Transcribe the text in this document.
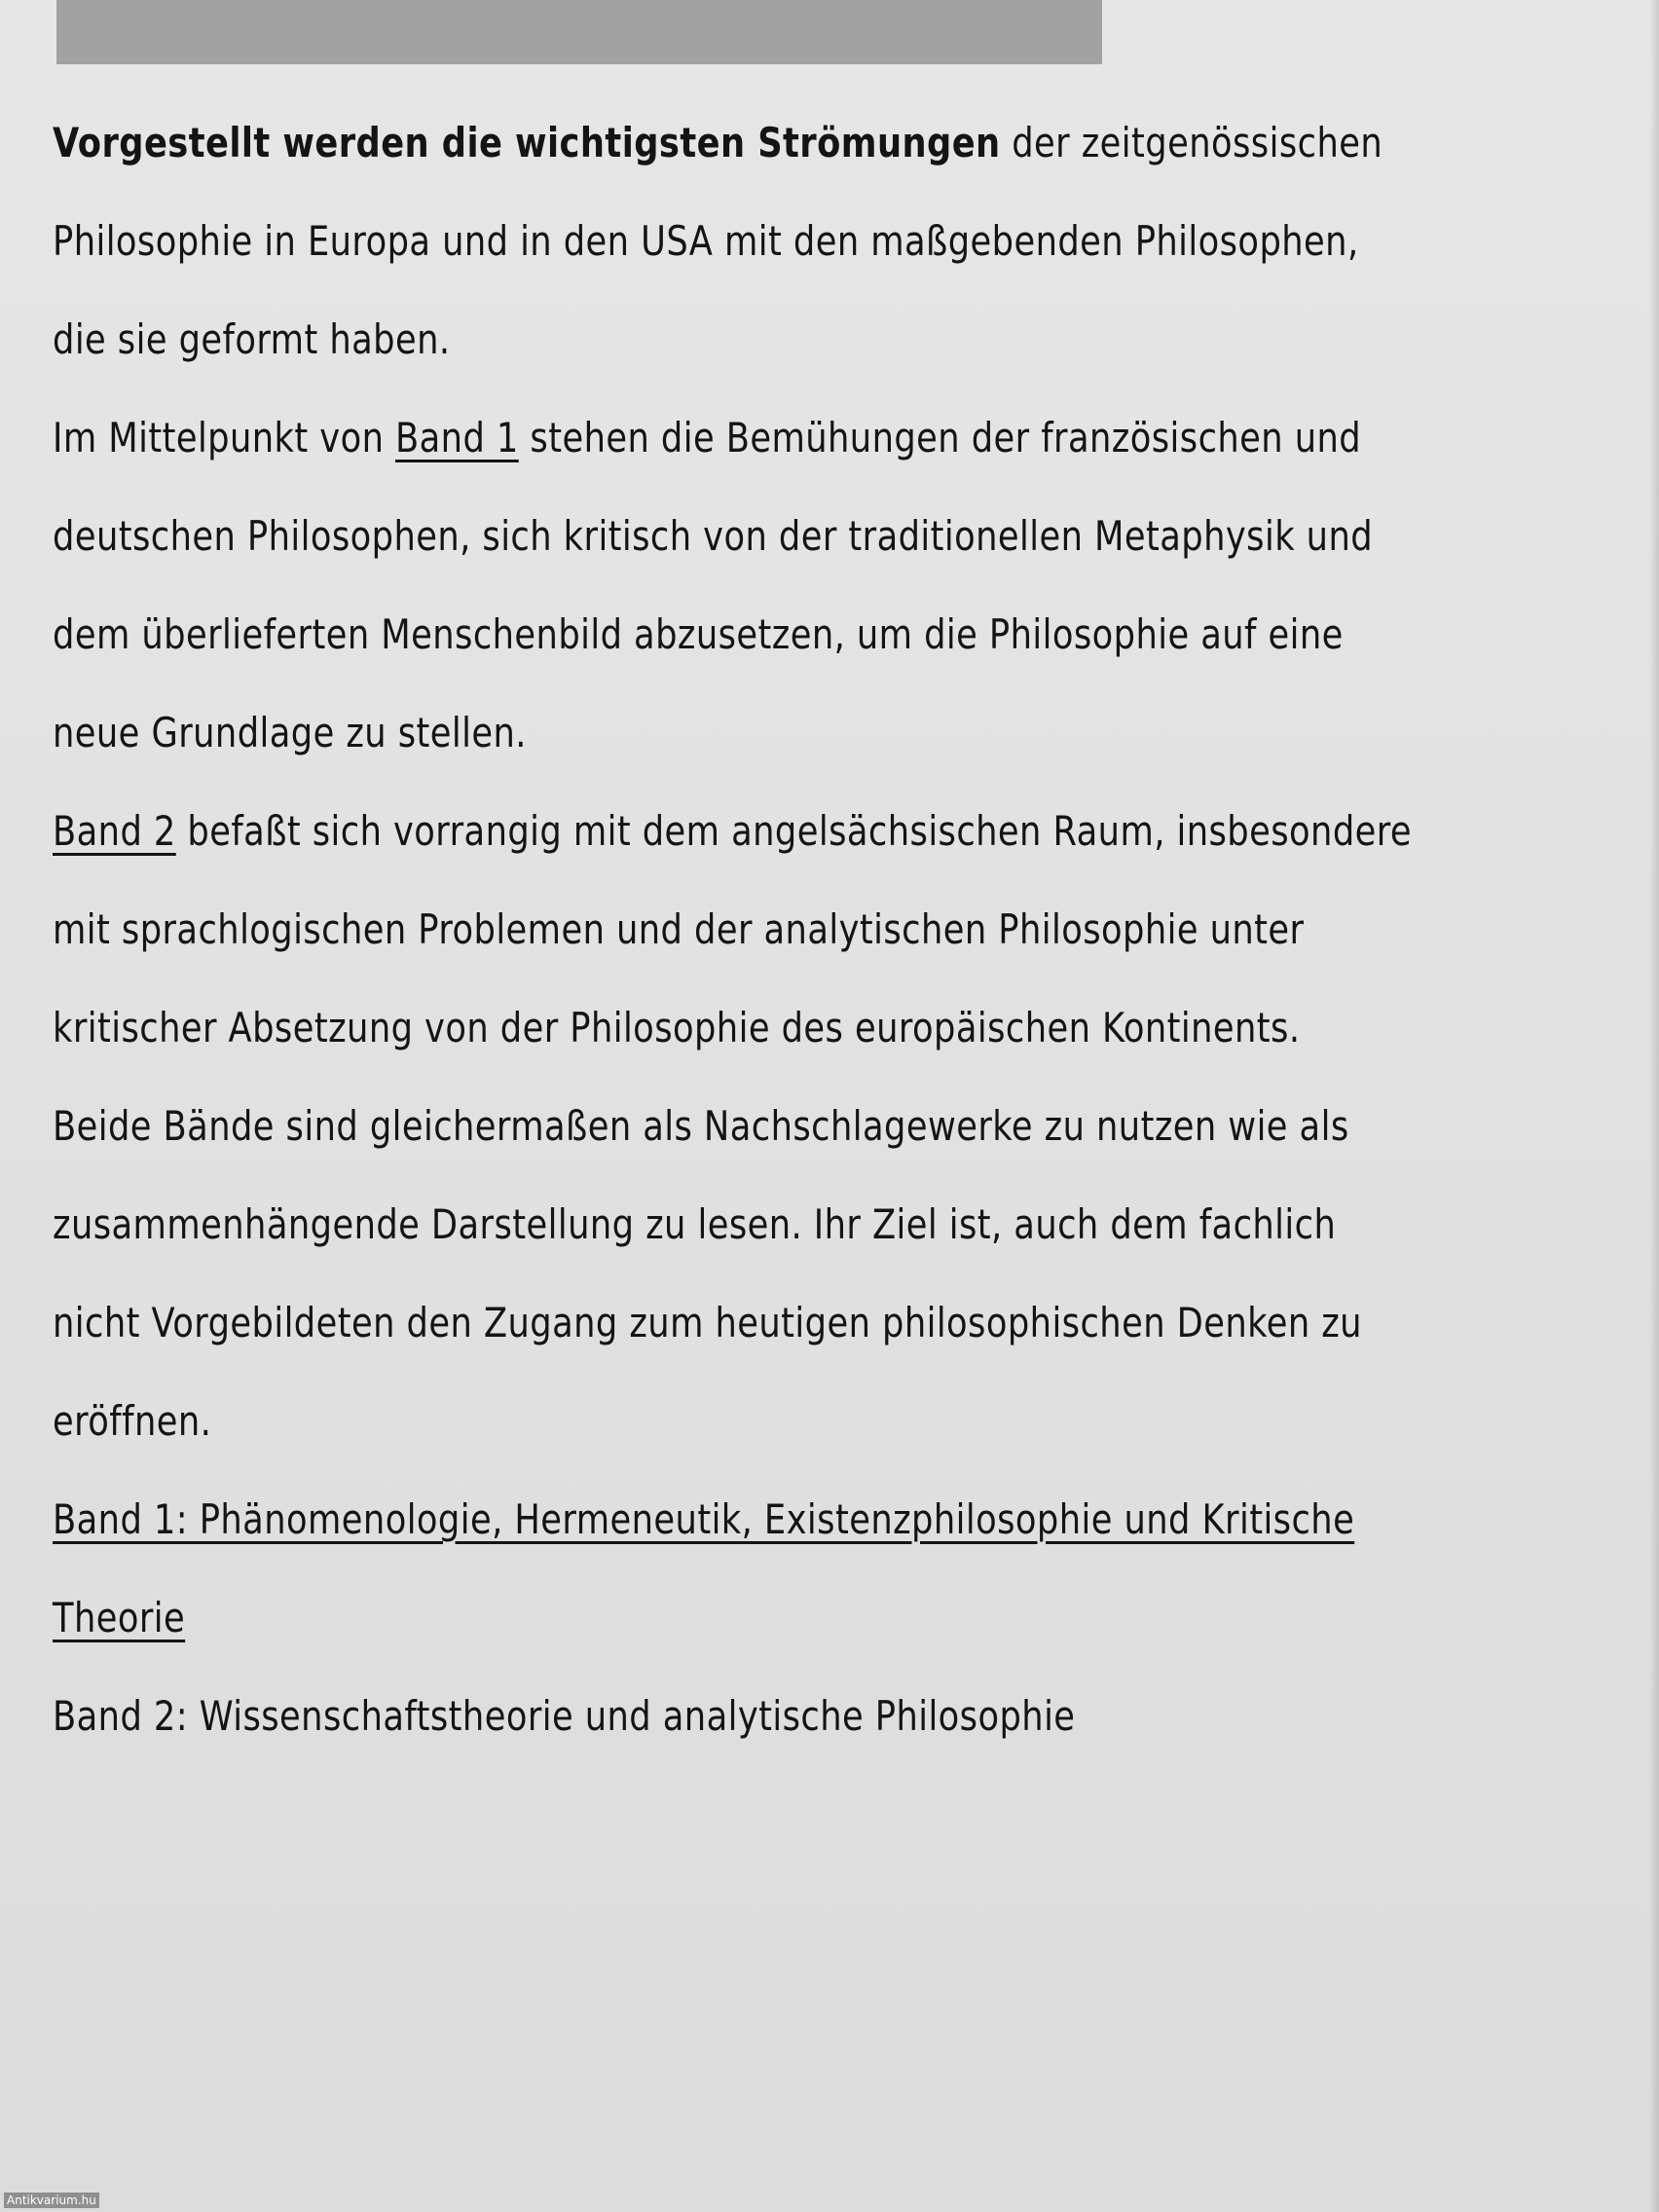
Vorgestellt werden die wichtigsten Strömungen der zeitgenössischen
Philosophie in Europa und in den USA mit den maßgebenden Philosophen,
die sie geformt haben.
Im Mittelpunkt von Band 1 stehen die Bemühungen der französischen und
deutschen Philosophen, sich kritisch von der traditionellen Metaphysik und
dem überlieferten Menschenbild abzusetzen, um die Philosophie auf eine
neue Grundlage zu stellen.
Band 2 befaßt sich vorrangig mit dem angelsächsischen Raum, insbesondere
mit sprachlogischen Problemen und der analytischen Philosophie unter
kritischer Absetzung von der Philosophie des europäischen Kontinents.
Beide Bände sind gleichermaßen als Nachschlagewerke zu nutzen wie als
zusammenhängende Darstellung zu lesen. Ihr Ziel ist, auch dem fachlich
nicht Vorgebildeten den Zugang zum heutigen philosophischen Denken zu
eröffnen.
Band 1: Phänomenologie, Hermeneutik, Existenzphilosophie und Kritische
Theorie
Band 2: Wissenschaftstheorie und analytische Philosophie
Antikvarium.hu
